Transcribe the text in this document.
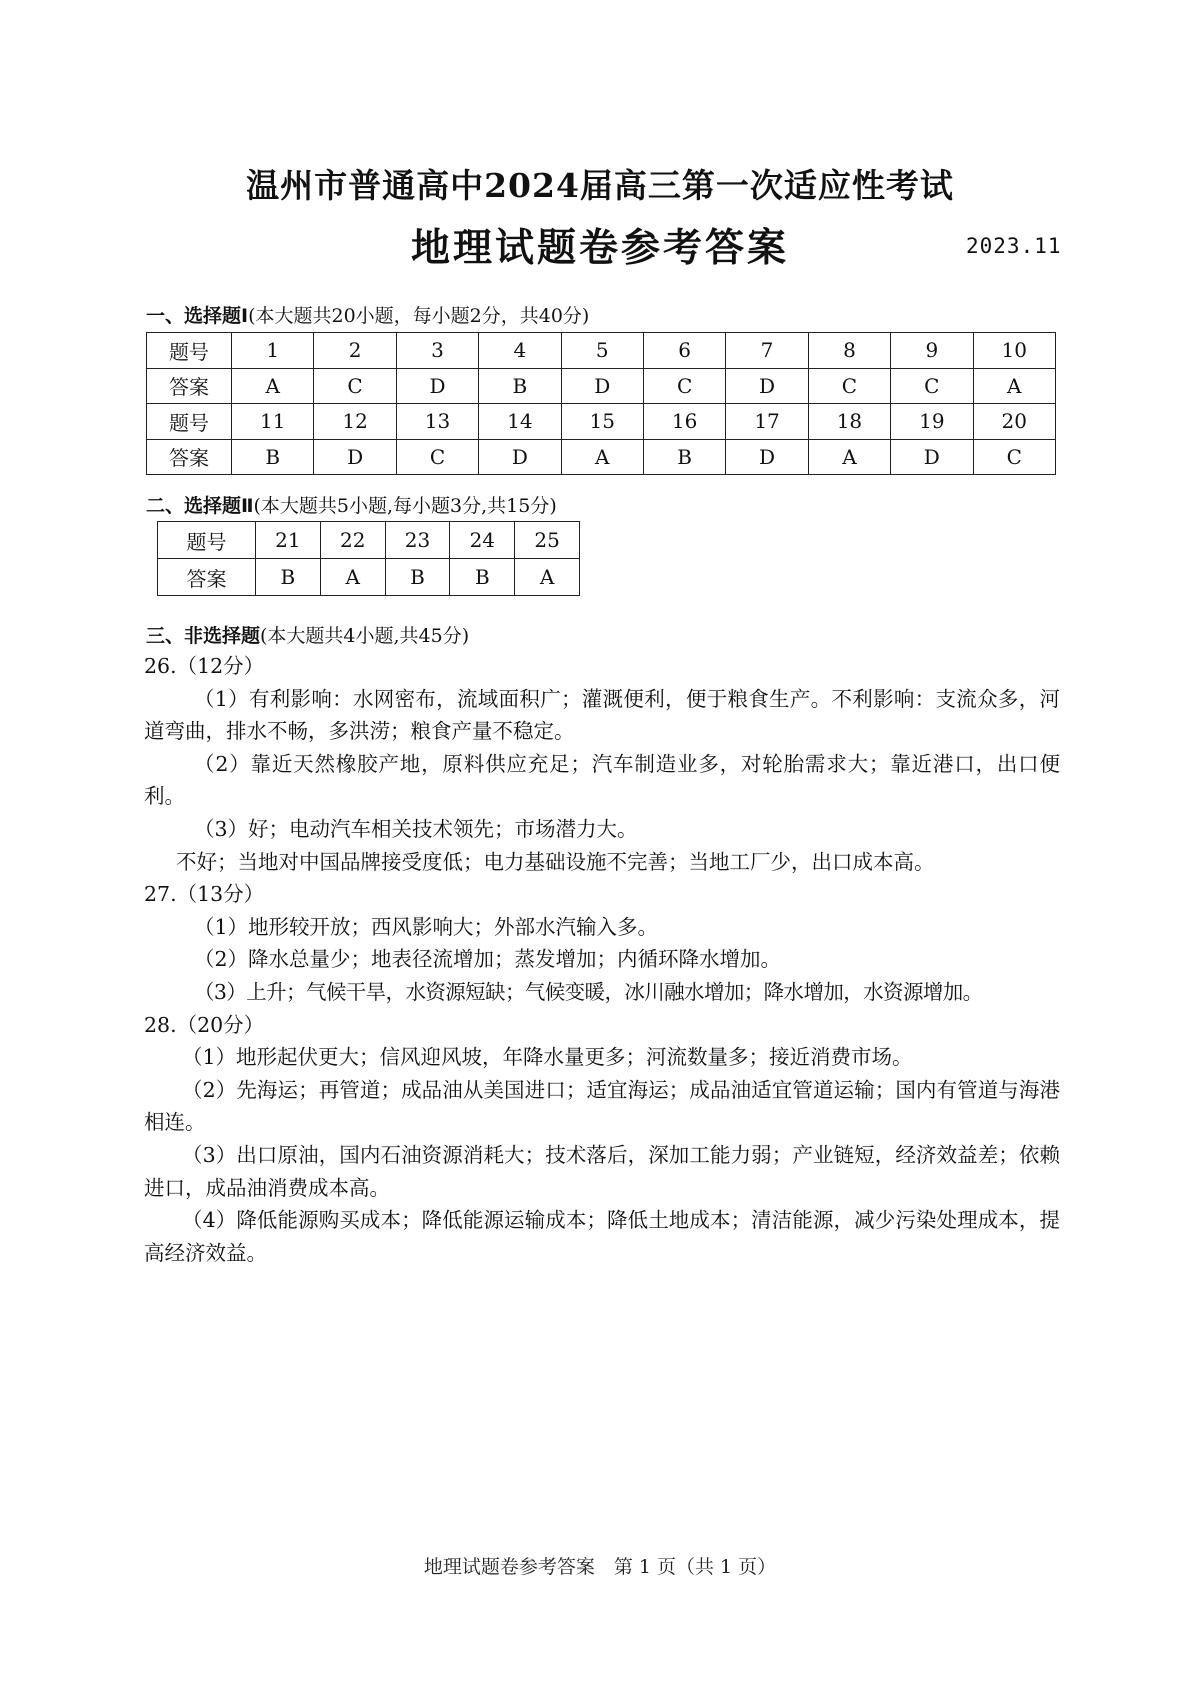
温州市普通高中2024届高三第一次适应性考试
地理试题卷参考答案	2023.11
一、选择题Ⅰ(本大题共20小题，每小题2分，共40分)
题号	1	2	3	4	5	6	7	8	9	10
答案	A	C	D	B	D	C	D	C	C	A
题号	11	12	13	14	15	16	17	18	19	20
答案	B	D	C	D	A	B	D	A	D	C
二、选择题Ⅱ(本大题共5小题,每小题3分,共15分)
题号	21	22	23	24	25
答案	B	A	B	B	A
三、非选择题(本大题共4小题,共45分)

26.（12分）

（1）有利影响：水网密布，流域面积广；灌溉便利，便于粮食生产。不利影响：支流众多，河道弯曲，排水不畅，多洪涝；粮食产量不稳定。

（2）靠近天然橡胶产地，原料供应充足；汽车制造业多，对轮胎需求大；靠近港口，出口便利。

（3）好；电动汽车相关技术领先；市场潜力大。

不好；当地对中国品牌接受度低；电力基础设施不完善；当地工厂少，出口成本高。

27.（13分）

（1）地形较开放；西风影响大；外部水汽输入多。

（2）降水总量少；地表径流增加；蒸发增加；内循环降水增加。

（3）上升；气候干旱，水资源短缺；气候变暖，冰川融水增加；降水增加，水资源增加。

28.（20分）

（1）地形起伏更大；信风迎风坡，年降水量更多；河流数量多；接近消费市场。

（2）先海运；再管道；成品油从美国进口；适宜海运；成品油适宜管道运输；国内有管道与海港相连。

（3）出口原油，国内石油资源消耗大；技术落后，深加工能力弱；产业链短，经济效益差；依赖进口，成品油消费成本高。

（4）降低能源购买成本；降低能源运输成本；降低土地成本；清洁能源，减少污染处理成本，提高经济效益。

地理试题卷参考答案　第 1 页（共 1 页）
